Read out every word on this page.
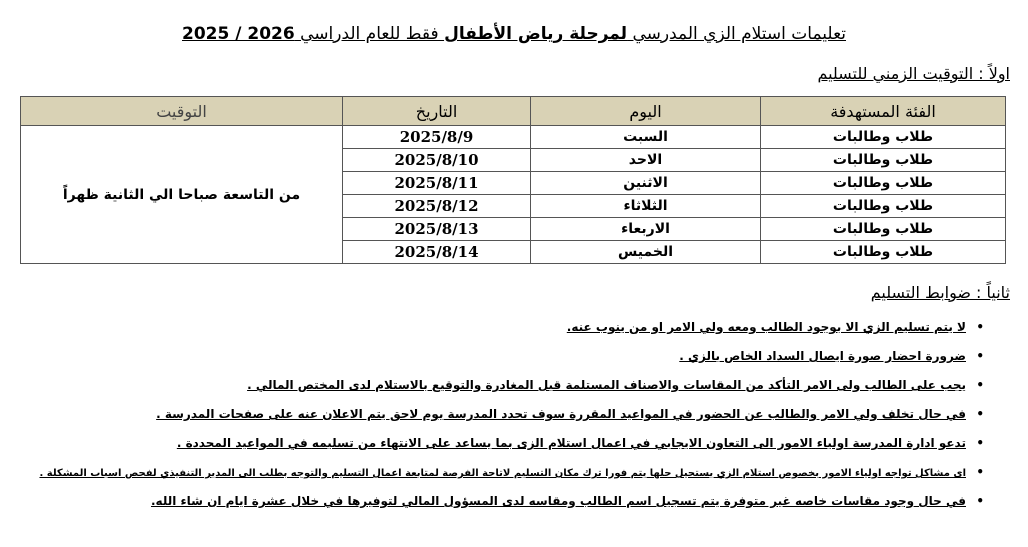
تعليمات استلام الزي المدرسي لمرحلة رياض الأطفال فقط للعام الدراسي 2025 / 2026
اولاً : التوقيت الزمني للتسليم
الفئة المستهدفة	اليوم	التاريخ	التوقيت
طلاب وطالبات	السبت	2025/8/9	من التاسعة صباحا الي الثانية ظهراً
طلاب وطالبات	الاحد	2025/8/10	
طلاب وطالبات	الاثنين	2025/8/11	
طلاب وطالبات	الثلاثاء	2025/8/12	
طلاب وطالبات	الاربعاء	2025/8/13	
طلاب وطالبات	الخميس	2025/8/14	
ثانياً : ضوابط التسليم
•
لا يتم تسليم الزي الا بوجود الطالب ومعه ولي الامر او من ينوب عنه.
•
ضرورة احضار صورة ايصال السداد الخاص بالزي .
•
يجب على الطالب ولى الامر التأكد من المقاسات والاصناف المستلمة قبل المغادرة والتوقيع بالاستلام لدى المختص المالي .
•
في حال تخلف ولي الامر والطالب عن الحضور في المواعيد المقررة سوف تحدد المدرسة يوم لاحق يتم الاعلان عنه على صفحات المدرسة .
•
تدعو ادارة المدرسة اولياء الامور الى التعاون الايجابي في اعمال استلام الزى بما يساعد على الانتهاء من تسليمه في المواعيد المحددة .
•
اى مشاكل تواجه اولياء الامور بخصوص استلام الزي يستحيل حلها يتم فورا ترك مكان التسليم لاتاحة الفرصة لمتابعة اعمال التسليم والتوجه بطلب الى المدير التنفيذي لفحص اسباب المشكلة .
•
في حال وجود مقاسات خاصه غير متوفرة يتم تسجيل اسم الطالب ومقاسه لدى المسؤول المالي لتوفيرها في خلال عشرة ايام ان شاء الله.
